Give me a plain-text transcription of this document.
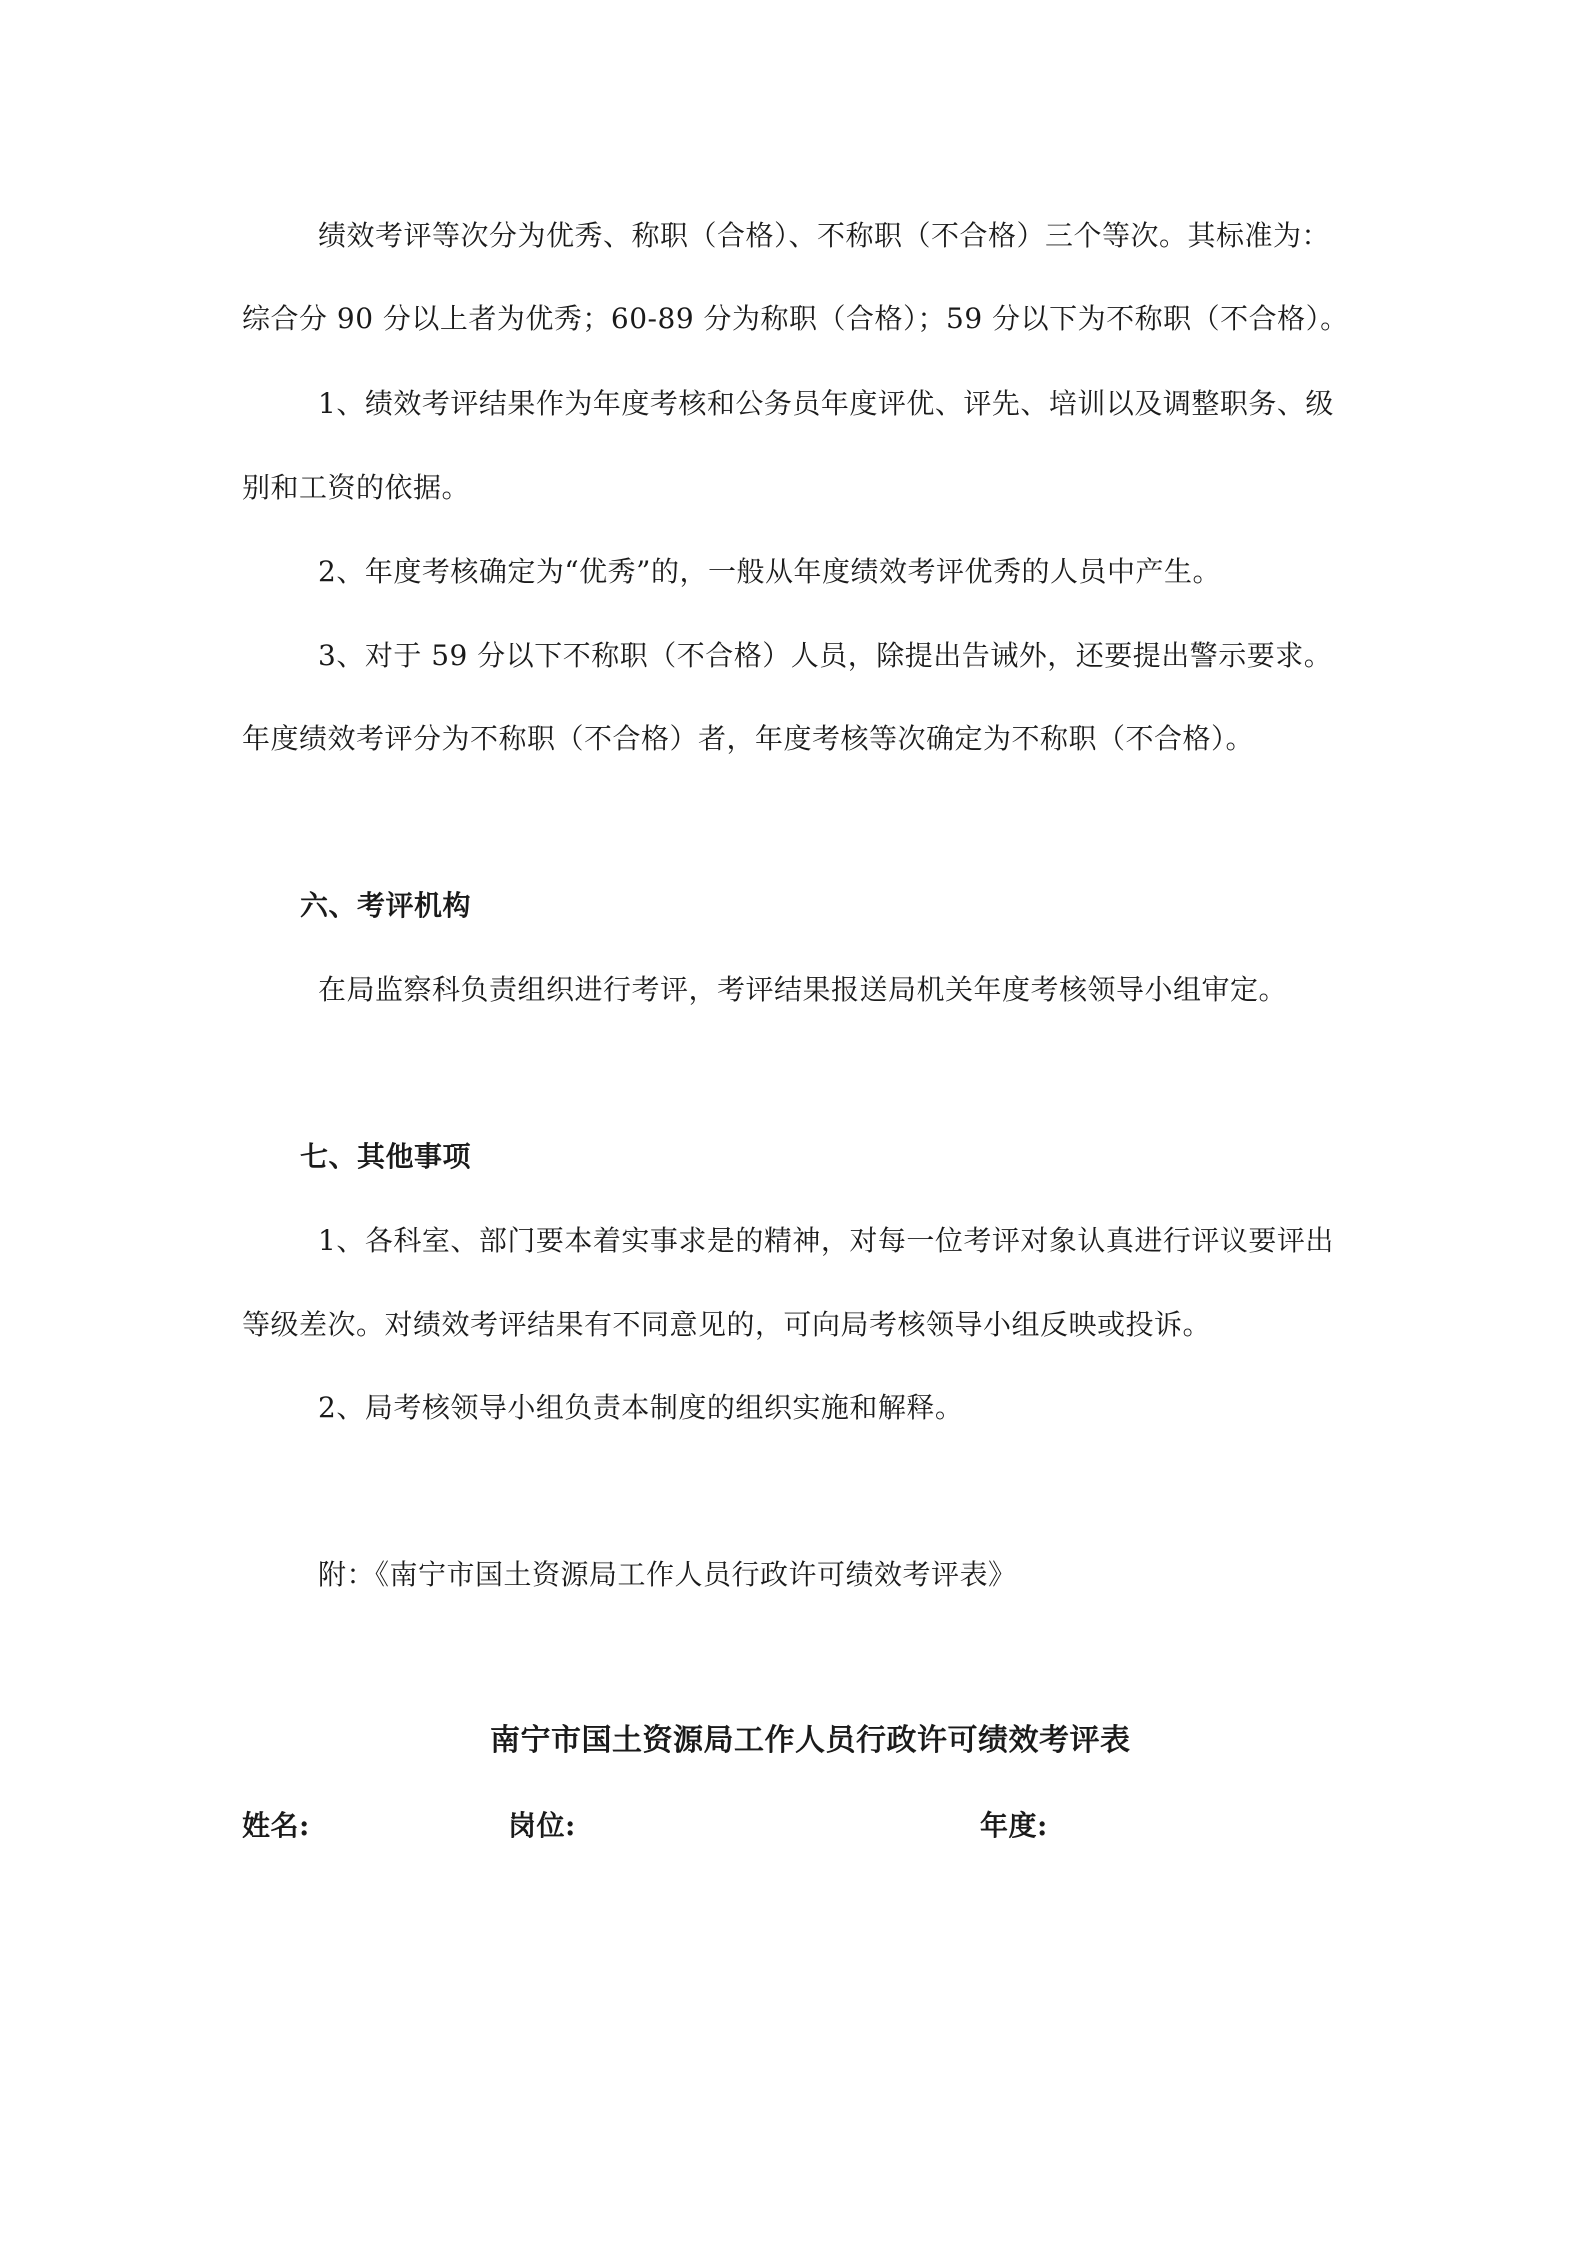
绩效考评等次分为优秀、称职（合格）、不称职（不合格）三个等次。其标准为：
综合分 90 分以上者为优秀；60-89 分为称职（合格）；59 分以下为不称职（不合格）。
1、绩效考评结果作为年度考核和公务员年度评优、评先、培训以及调整职务、级
别和工资的依据。
2、年度考核确定为“优秀”的，一般从年度绩效考评优秀的人员中产生。
3、对于 59 分以下不称职（不合格）人员，除提出告诫外，还要提出警示要求。
年度绩效考评分为不称职（不合格）者，年度考核等次确定为不称职（不合格）。
六、考评机构
在局监察科负责组织进行考评，考评结果报送局机关年度考核领导小组审定。
七、其他事项
1、各科室、部门要本着实事求是的精神，对每一位考评对象认真进行评议要评出
等级差次。对绩效考评结果有不同意见的，可向局考核领导小组反映或投诉。
2、局考核领导小组负责本制度的组织实施和解释。
附：《南宁市国土资源局工作人员行政许可绩效考评表》
南宁市国土资源局工作人员行政许可绩效考评表
姓名:	岗位:	年度:
